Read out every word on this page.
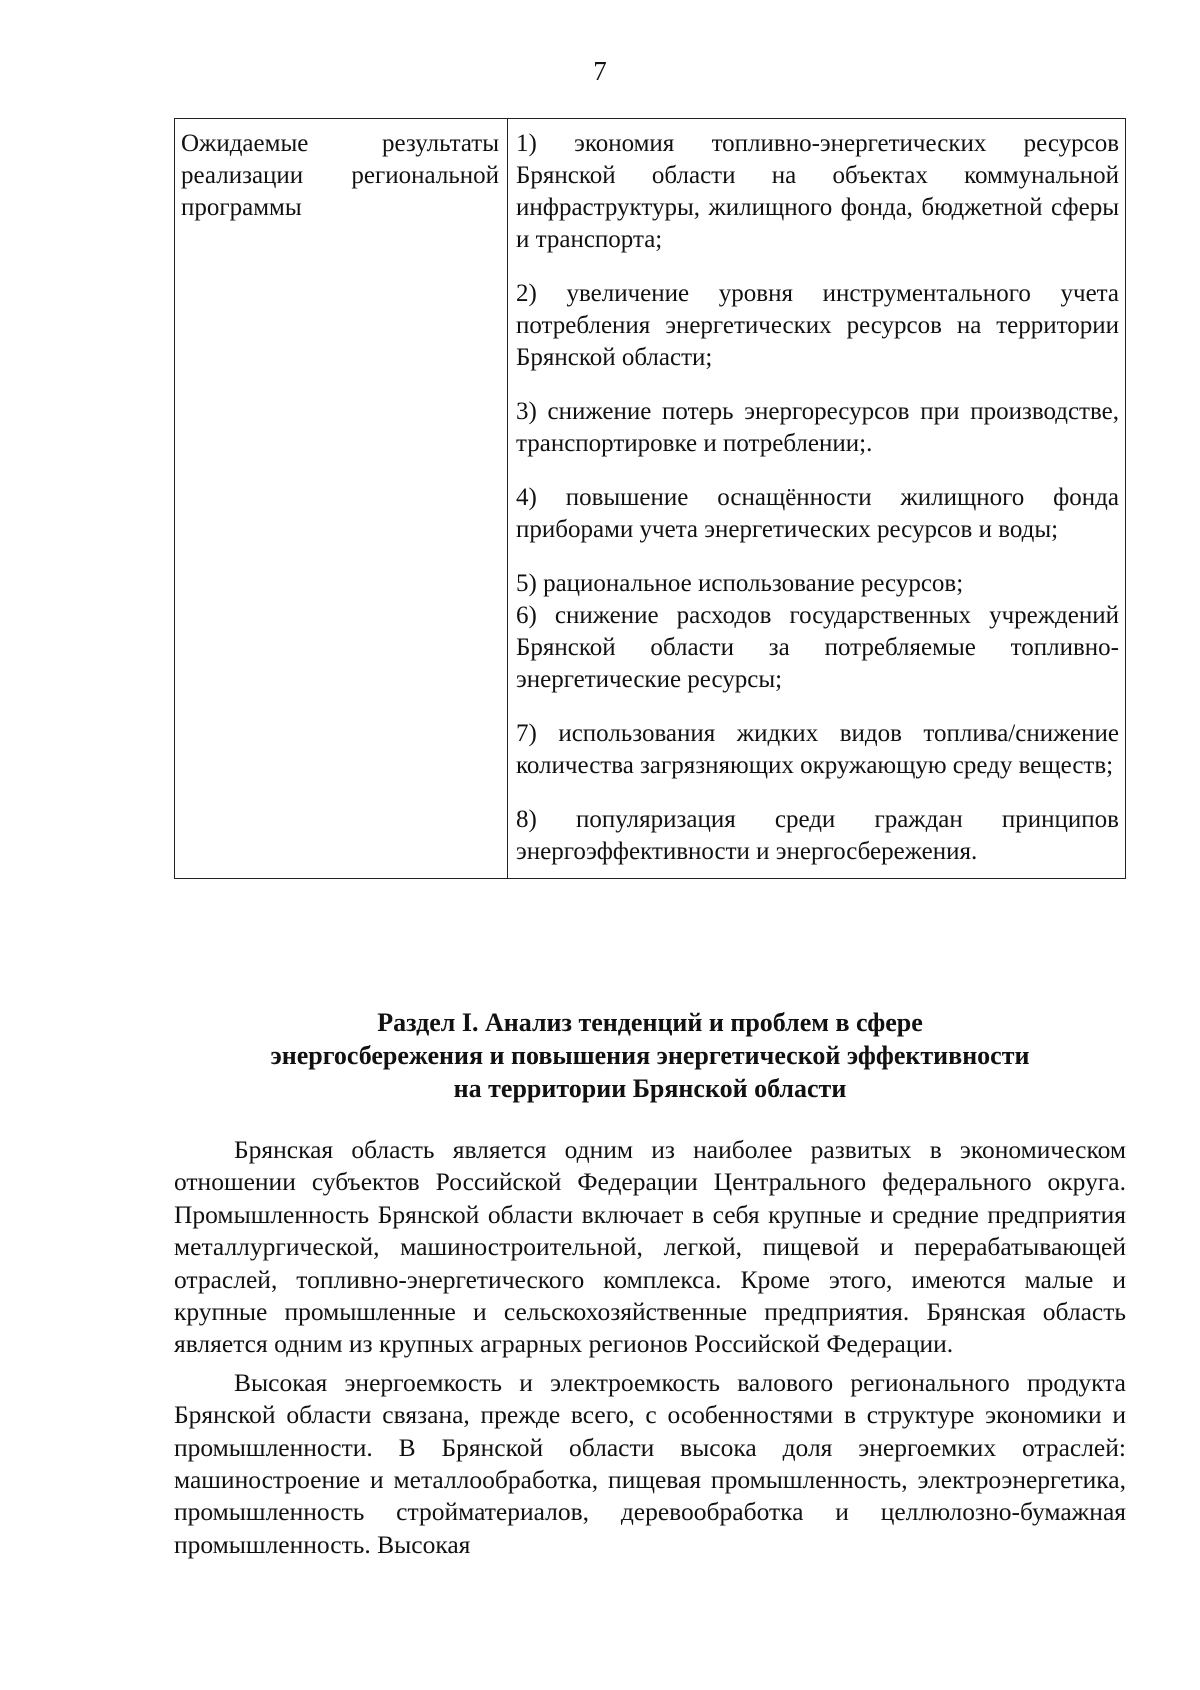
7
Ожидаемые результаты реализации региональной программы
1) экономия топливно-энергетических ресурсов Брянской области на объектах коммунальной инфраструктуры, жилищного фонда, бюджетной сферы и транспорта;
2) увеличение уровня инструментального учета потребления энергетических ресурсов на территории Брянской области;
3) снижение потерь энергоресурсов при производстве, транспортировке и потреблении;.
4) повышение оснащённости жилищного фонда приборами учета энергетических ресурсов и воды;
5) рациональное использование ресурсов;
6) снижение расходов государственных учреждений Брянской области за потребляемые топливно-энергетические ресурсы;
7) использования жидких видов топлива/снижение количества загрязняющих окружающую среду веществ;
8) популяризация среди граждан принципов энергоэффективности и энергосбережения.
Раздел I. Анализ тенденций и проблем в сфере
энергосбережения и повышения энергетической эффективности
на территории Брянской области

Брянская область является одним из наиболее развитых в экономическом отношении субъектов Российской Федерации Центрального федерального округа. Промышленность Брянской области включает в себя крупные и средние предприятия металлургической, машиностроительной, легкой, пищевой и перерабатывающей отраслей, топливно-энергетического комплекса. Кроме этого, имеются малые и крупные промышленные и сельскохозяйственные предприятия. Брянская область является одним из крупных аграрных регионов Российской Федерации.

Высокая энергоемкость и электроемкость валового регионального продукта Брянской области связана, прежде всего, с особенностями в структуре экономики и промышленности. В Брянской области высока доля энергоемких отраслей: машиностроение и металлообработка, пищевая промышленность, электроэнергетика, промышленность стройматериалов, деревообработка и целлюлозно-бумажная промышленность. Высокая
